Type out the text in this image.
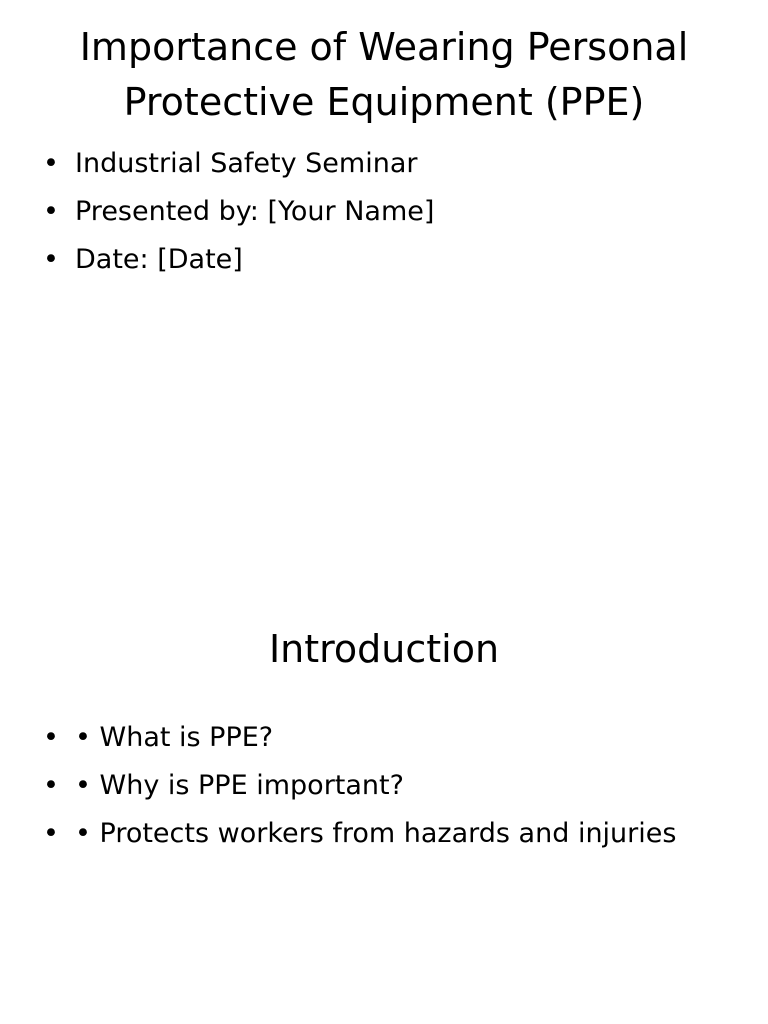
Importance of Wearing Personal
Protective Equipment (PPE)
• Industrial Safety Seminar
• Presented by: [Your Name]
• Date: [Date]
Introduction
• • What is PPE?
• • Why is PPE important?
• • Protects workers from hazards and injuries
